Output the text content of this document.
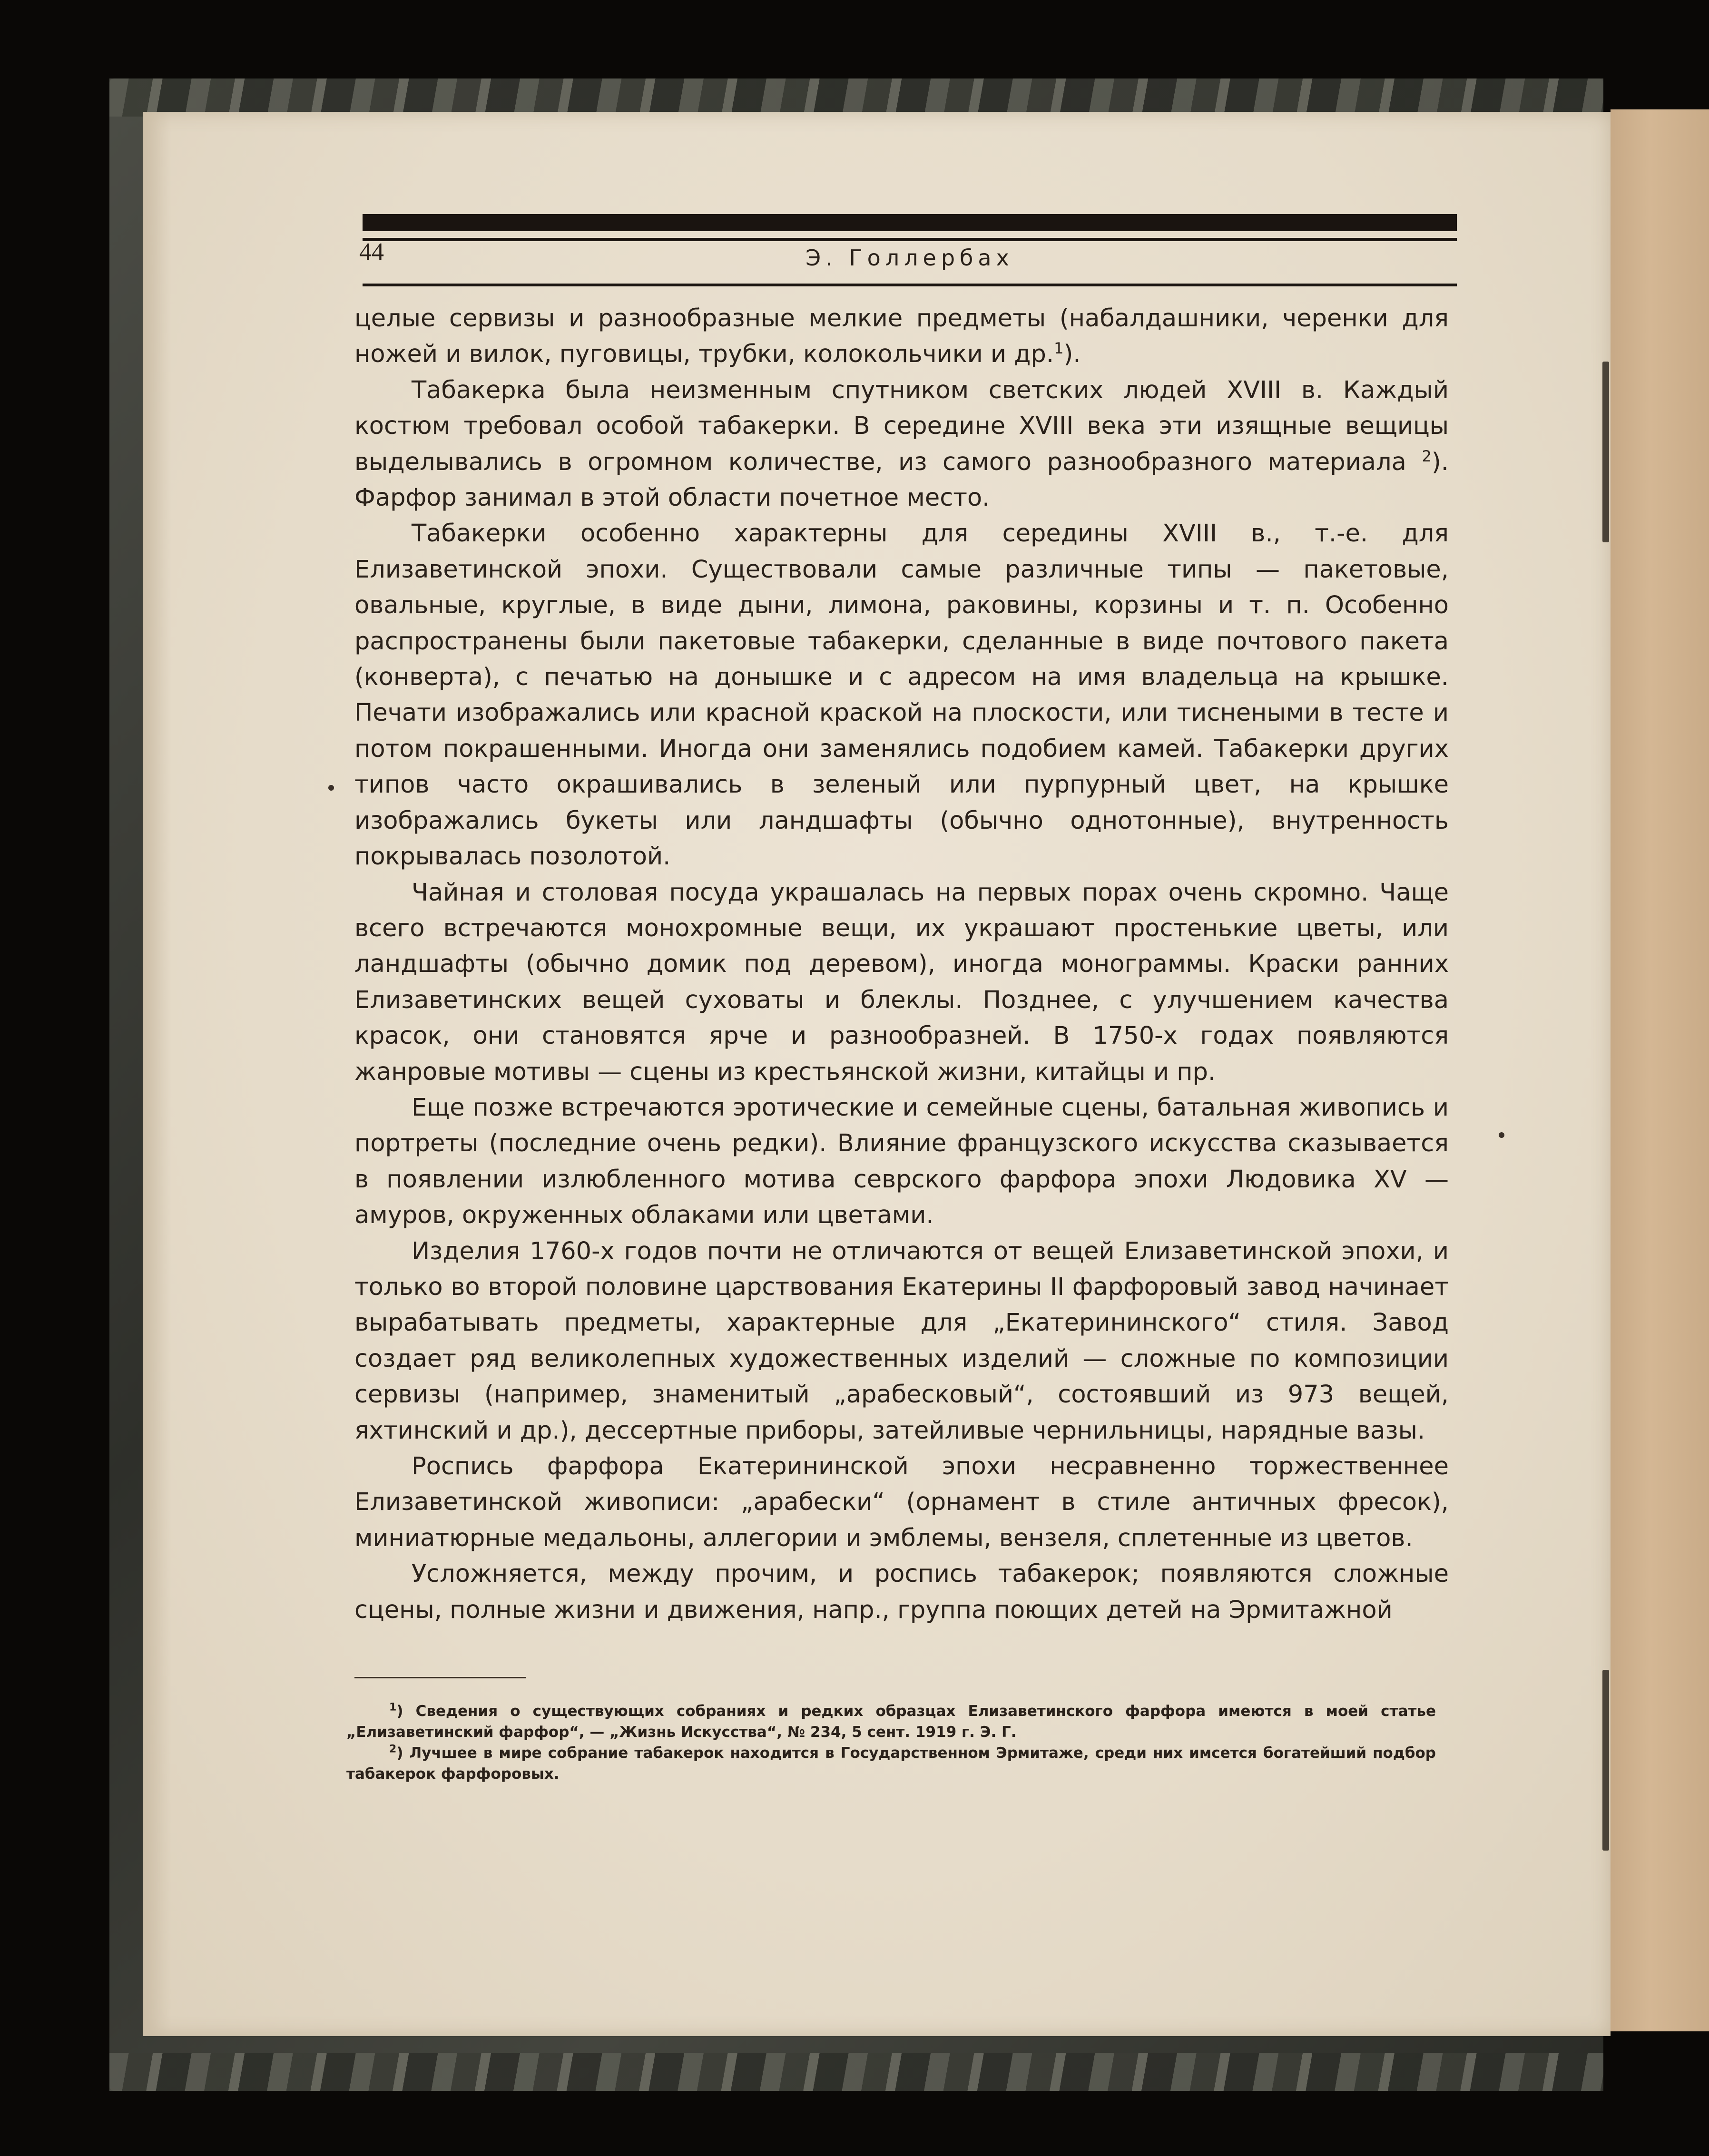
44	Э. Голлербах

целые сервизы и разнообразные мелкие предметы (набалдашники, черенки для ножей и вилок, пуговицы, трубки, колокольчики и др.$^1$).

Табакерка была неизменным спутником светских людей XVIII в. Каждый костюм требовал особой табакерки. В середине XVIII века эти изящные вещицы выделывались в огромном количестве, из самого разнообразного материала $^2$). Фарфор занимал в этой области почетное место.

Табакерки особенно характерны для середины XVIII в., т.-е. для Елизаветинской эпохи. Существовали самые различные типы — пакетовые, овальные, круглые, в виде дыни, лимона, раковины, корзины и т. п. Особенно распространены были пакетовые табакерки, сделанные в виде почтового пакета (конверта), с печатью на донышке и с адресом на имя владельца на крышке. Печати изображались или красной краской на плоскости, или тиснеными в тесте и потом покрашенными. Иногда они заменялись подобием камей. Табакерки других типов часто окрашивались в зеленый или пурпурный цвет, на крышке изображались букеты или ландшафты (обычно однотонные), внутренность покрывалась позолотой.

Чайная и столовая посуда украшалась на первых порах очень скромно. Чаще всего встречаются монохромные вещи, их украшают простенькие цветы, или ландшафты (обычно домик под деревом), иногда монограммы. Краски ранних Елизаветинских вещей суховаты и блеклы. Позднее, с улучшением качества красок, они становятся ярче и разнообразней. В 1750-х годах появляются жанровые мотивы — сцены из крестьянской жизни, китайцы и пр.

Еще позже встречаются эротические и семейные сцены, батальная живопись и портреты (последние очень редки). Влияние французского искусства сказывается в появлении излюбленного мотива севрского фарфора эпохи Людовика XV — амуров, окруженных облаками или цветами.

Изделия 1760-х годов почти не отличаются от вещей Елизаветинской эпохи, и только во второй половине царствования Екатерины II фарфоровый завод начинает вырабатывать предметы, характерные для „Екатерининского“ стиля. Завод создает ряд великолепных художественных изделий — сложные по композиции сервизы (например, знаменитый „арабесковый“, состоявший из 973 вещей, яхтинский и др.), дессертные приборы, затейливые чернильницы, нарядные вазы.

Роспись фарфора Екатерининской эпохи несравненно торжественнее Елизаветинской живописи: „арабески“ (орнамент в стиле античных фресок), миниатюрные медальоны, аллегории и эмблемы, вензеля, сплетенные из цветов.

Усложняется, между прочим, и роспись табакерок; появляются сложные сцены, полные жизни и движения, напр., группа поющих детей на Эрмитажной

$^1$) Сведения о существующих собраниях и редких образцах Елизаветинского фарфора имеются в моей статье „Елизаветинский фарфор“, — „Жизнь Искусства“, № 234, 5 сент. 1919 г. Э. Г.

$^2$) Лучшее в мире собрание табакерок находится в Государственном Эрмитаже, среди них имсется богатейший подбор табакерок фарфоровых.
